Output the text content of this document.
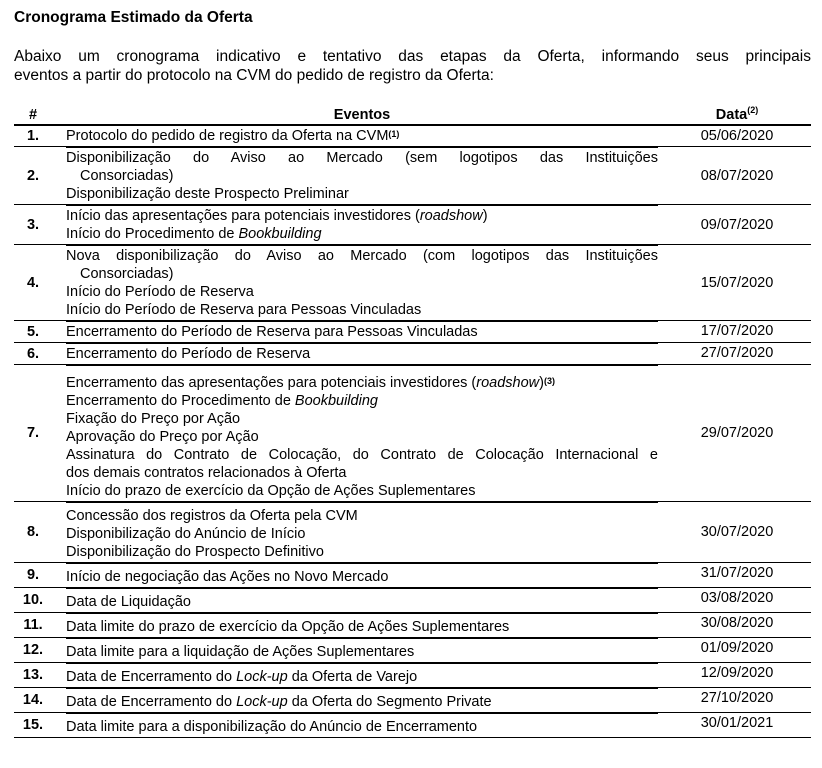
Cronograma Estimado da Oferta
Abaixo um cronograma indicativo e tentativo das etapas da Oferta, informando seus principais
eventos a partir do protocolo na CVM do pedido de registro da Oferta:
#	Eventos	Data$^{(2)}$
1.	Protocolo do pedido de registro da Oferta na CVM$^{(1)}$	05/06/2020
2.
Disponibilização do Aviso ao Mercado (sem logotipos das Instituições
Consorciadas)
Disponibilização deste Prospecto Preliminar
08/07/2020
3.
Início das apresentações para potenciais investidores (roadshow)
Início do Procedimento de Bookbuilding
09/07/2020
4.
Nova disponibilização do Aviso ao Mercado (com logotipos das Instituições
Consorciadas)
Início do Período de Reserva
Início do Período de Reserva para Pessoas Vinculadas
15/07/2020
5.	Encerramento do Período de Reserva para Pessoas Vinculadas	17/07/2020
6.	Encerramento do Período de Reserva	27/07/2020
7.
Encerramento das apresentações para potenciais investidores (roadshow)$^{(3)}$
Encerramento do Procedimento de Bookbuilding
Fixação do Preço por Ação
Aprovação do Preço por Ação
Assinatura do Contrato de Colocação, do Contrato de Colocação Internacional e
dos demais contratos relacionados à Oferta
Início do prazo de exercício da Opção de Ações Suplementares
29/07/2020
8.
Concessão dos registros da Oferta pela CVM
Disponibilização do Anúncio de Início
Disponibilização do Prospecto Definitivo
30/07/2020
9.	Início de negociação das Ações no Novo Mercado	31/07/2020
10.	Data de Liquidação	03/08/2020
11.	Data limite do prazo de exercício da Opção de Ações Suplementares	30/08/2020
12.	Data limite para a liquidação de Ações Suplementares	01/09/2020
13.	Data de Encerramento do Lock-up da Oferta de Varejo	12/09/2020
14.	Data de Encerramento do Lock-up da Oferta do Segmento Private	27/10/2020
15.	Data limite para a disponibilização do Anúncio de Encerramento	30/01/2021
